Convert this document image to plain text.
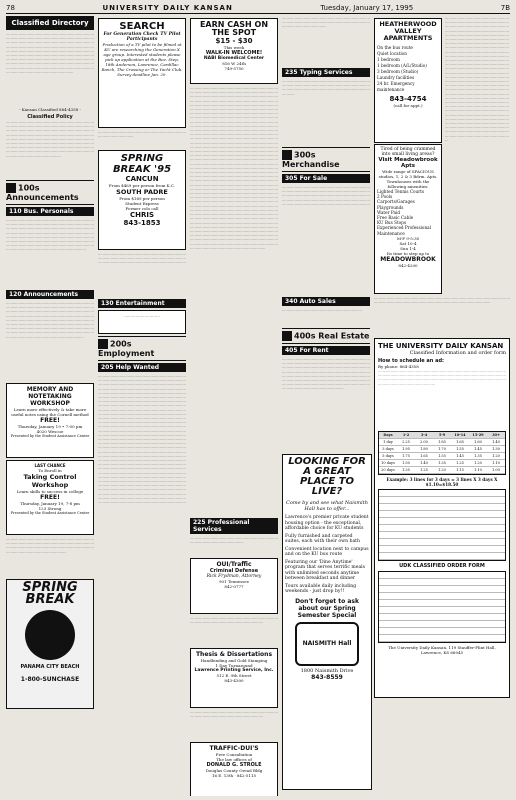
78	UNIVERSITY DAILY KANSAN	Tuesday, January 17, 1995	7B
Classified Directory
................................................................................................................................................................................................................................................................................................................................................................................................................................................................................................................................................................................................................................................................................................................................................................................
- Kansan Classified 864-4358 -
Classified Policy
........................................................................................................................................................................................................................................................................................................................................................................................................................................................................................................................................................................................................................................................................................
100s Announcements
110 Bus. Personals
.................................................................................................................................................................................................................................................................................................................................................................................................................................................................................................................................................................................................................................
120 Announcements
............................................................................................................................................................................................................................................................................................................................................................................................................................................................................................................................................................................................................................................................................................................
MEMORY AND NOTETAKING WORKSHOP
Learn more effectively & take more useful notes using the Cornell method
FREE!
Thursday, January 19 • 7:00 pm
4020 Wescoe
Presented by the Student Assistance Center
LAST CHANCE
To Enroll in
Taking Control Workshop
Learn skills to success in college
FREE!
Thursday, January 19, 7-8 pm
123 Strong
Presented by the Student Assistance Center
............................................................................................................................................................................................................................................................................................
SPRING BREAK
PANAMA CITY BEACH
1-800-SUNCHASE
SEARCH
For Generation Check TV Pilot Participants
Production of a TV pilot to be filmed at KU are researching the Generation X age group. Interested students please pick up application at the Bee. Step, 18th Anderson, Lawrence, Cardillac Ranch, The Crossing or The Yacht Club. Survey deadline Jan. 20.
............................................................................................................
SPRING BREAK '95
CANCUN
From $469 per person from K.C.
SOUTH PADRE
From $169 per person
Student Express
Former colo call
CHRIS
843-1853
.......................................................................................................................................................................................................................................
130 Entertainment
............................
200s Employment
205 Help Wanted
...................................................................................................................................................................................................................................................................................................................................................................................................................................................................................................................................................................................................................................................................................................................................................................................................................................................................................................................................................................................................................................................................................................................................................................................................................................................................................................................................................................................................................................................................................................................................................................................................................................................................................................................................................................................................................................................................................................................................................................................................................................................................................................................................................................................................................................................................................................................................................................................................................................................................................
EARN CASH ON THE SPOT
$15 - $30
This week
WALK-IN WELCOME!
NABI Biomedical Center
816 W 24th
749-5750
................................................................................................................................................................................................................................................................................................................................................................................................................................................................................................................................................................................................................................................................................................................................................................................................................................................................................................................................................................................................................................................................................................................................................................................................................................................................................................................................................................................................................................................................................................................................................................................................................................................................................................................................................................................................................................................................................................................................................................................................................................................................................................................................................................................................................................................................................................................................................................................................................................................................................................................................................................................................................................................................................................................................................................................................................................................................................................................................................................................................................................................................................................................
225 Professional Services
............................................................................................................................
OUI/Traffic
Criminal Defense
Rick Frydman, Attorney
901 Tennessee
842-0777
.............................................................................................................................................
Thesis & Dissertations
Handbinding and Gold Stamping
1 Day Turnaround
Lawrence Printing Service, Inc.
512 E. 9th Street
843-4300
.............................................................................................................................................
TRAFFIC-DUI'S
Free Consultation
The law offices of
DONALD G. STROLE
Douglas County Oread Bldg
16 E. 13th · 842-5115
.................................................................................................................................................................................................
235 Typing Services
..................................................................................................................................................................................................................................................
300s Merchandise
305 For Sale
.................................................................................................................................................................................................................................................................................................................................................................................................
340 Auto Sales
......................................................................
400s Real Estate
405 For Rent
.................................................................................................................................................................................................................................................................................................................................................................................................................................................................................................................................................................................................................
LOOKING FOR A GREAT PLACE TO LIVE?
Come by and see what Naismith Hall has to offer...
Lawrence's premier private student housing option - the exceptional, affordable choice for KU students
Fully furnished and carpeted suites, each with their own bath
Convenient location next to campus and on the KU bus route
Featuring our 'Dine Anytime' program that serves terrific meals with unlimited seconds anytime between breakfast and dinner
Tours available daily including weekends - just drop by!!
Don't forget to ask about our Spring Semester Special
NAISMITH Hall
1800 Naismith Drive
843-8559
HEATHERWOOD VALLEY APARTMENTS
On the bus route
Quiet location
1 bedroom
1 bedroom (A/L/Studio)
3 bedroom (Studio)
Laundry facilities
24 hr. Emergency maintenance
843-4754
(call for appt.)
...........................................................................................................................................................................................................................................................................................................................................................................................................................................................................................................................................................................................................................................................................................................................................................................................................................................................................................................................................................................................................................................................................................................................................................................................................................................................................................................................................................................................................................................................................................................................................................................................................................................................................................
Tired of being crammed into small living areas?
Visit Meadowbrook Apts
Wide range of SPACIOUS studios, 1, 2 & 3 Bdrm. Apts.
Townhouses with the following amenities:
Lighted Tennis Courts
2 Pools
Carports/Garages
Playgrounds
Water Paid
Free Basic Cable
KU Bus Stops
Experienced Professional Maintenance
M-F 9-5:30
Sat 10-4
Sun 1-4
Its time to step up to
MEADOWBROOK
842-4200
.............................................................................................................................................................................................................................
THE UNIVERSITY DAILY KANSAN
Classified Information and order form
How to schedule an ad:
By phone: 864-4358
..................................................................................................................................................................................................................................................................................................................................................................................................
Days	1-2	3-4	5-9	10-14	15-29	30+
1 day	2.25	2.00	1.85	1.65	1.60	1.40
3 days	1.95	1.80	1.70	1.55	1.45	1.30
5 days	1.75	1.65	1.55	1.45	1.35	1.20
10 days	1.50	1.40	1.35	1.25	1.20	1.10
20 days	1.35	1.25	1.20	1.15	1.10	1.00
Example: 3 lines for 3 days = 3 lines X 3 days X $1.10=$18.50
UDK CLASSIFIED ORDER FORM
The University Daily Kansan, 119 Stauffer-Flint Hall, Lawrence, KS 66045
